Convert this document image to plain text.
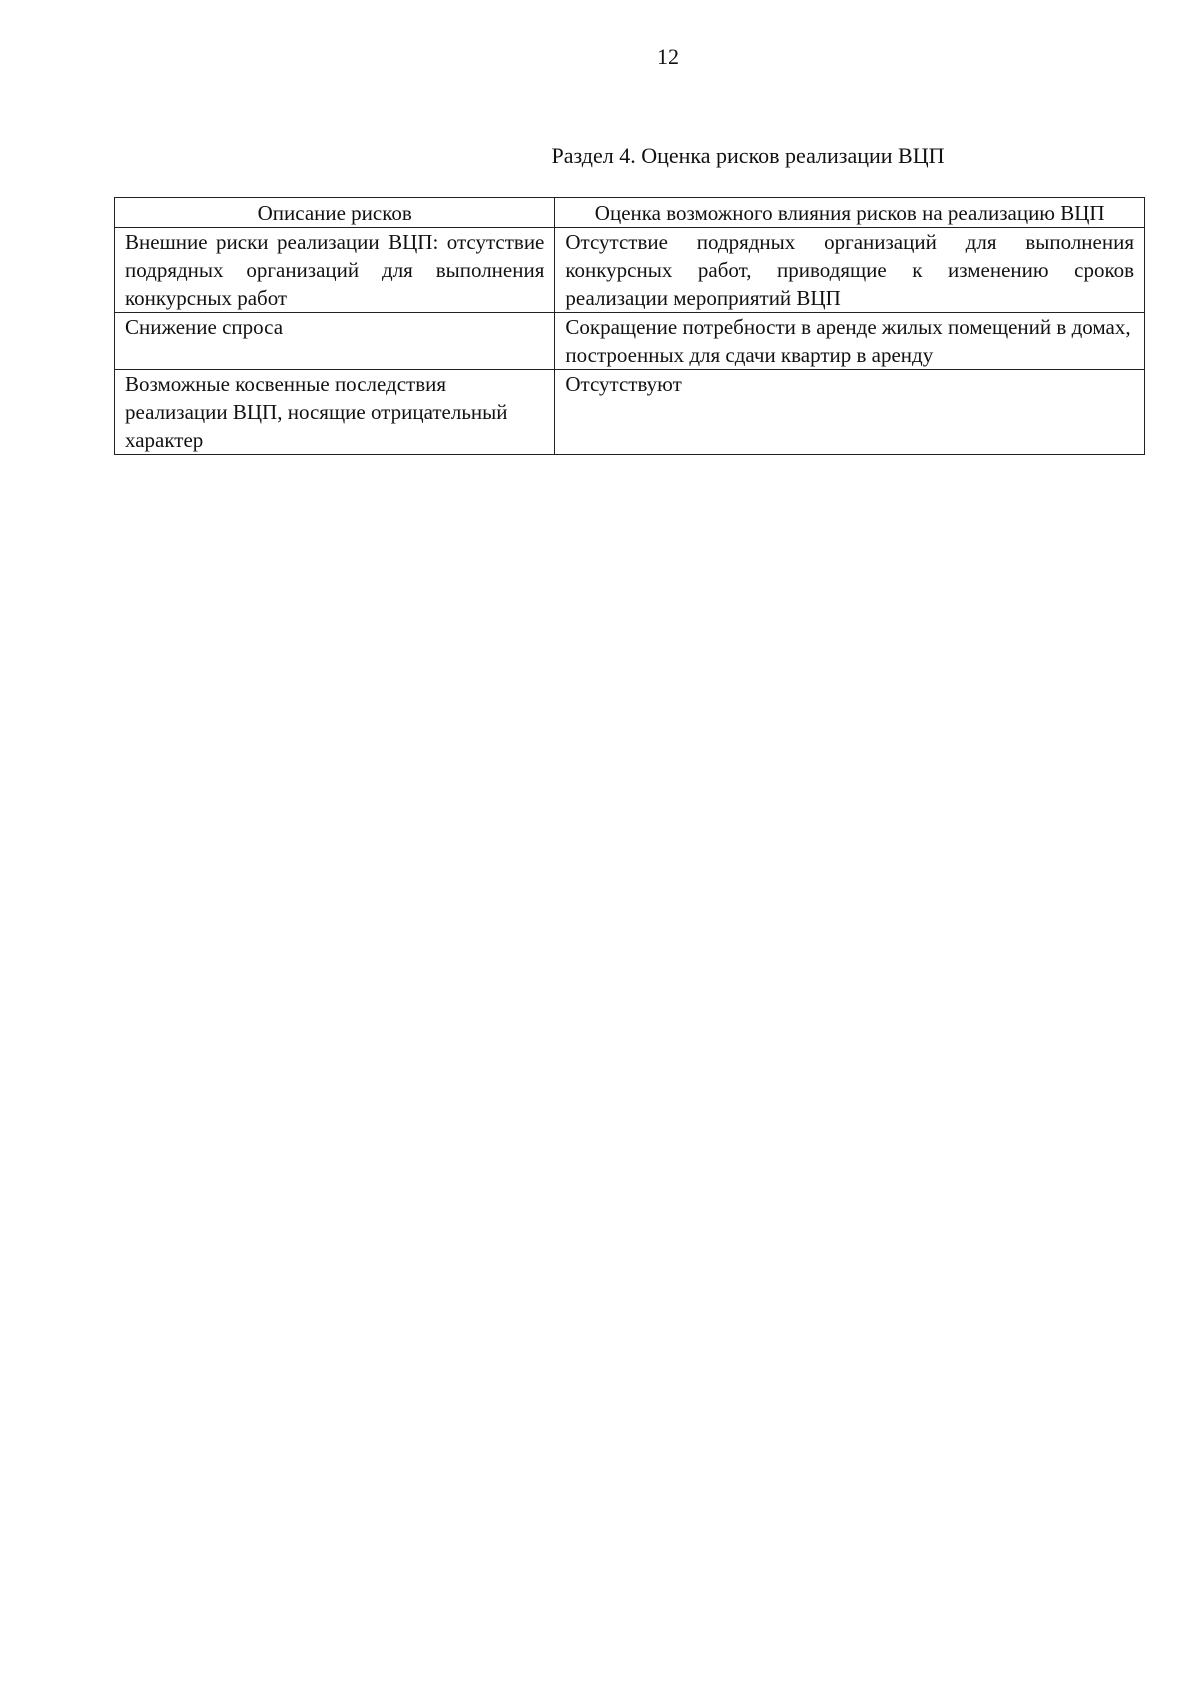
12
Раздел 4. Оценка рисков реализации ВЦП
Описание рисков	Оценка возможного влияния рисков на реализацию ВЦП
Внешние риски реализации ВЦП: отсутствие подрядных организаций для выполнения конкурсных работ	Отсутствие подрядных организаций для выполнения конкурсных работ, приводящие к изменению сроков реализации мероприятий ВЦП
Снижение спроса	Сокращение потребности в аренде жилых помещений в домах, построенных для сдачи квартир в аренду
Возможные косвенные последствия реализации ВЦП, носящие отрицательный характер	Отсутствуют
